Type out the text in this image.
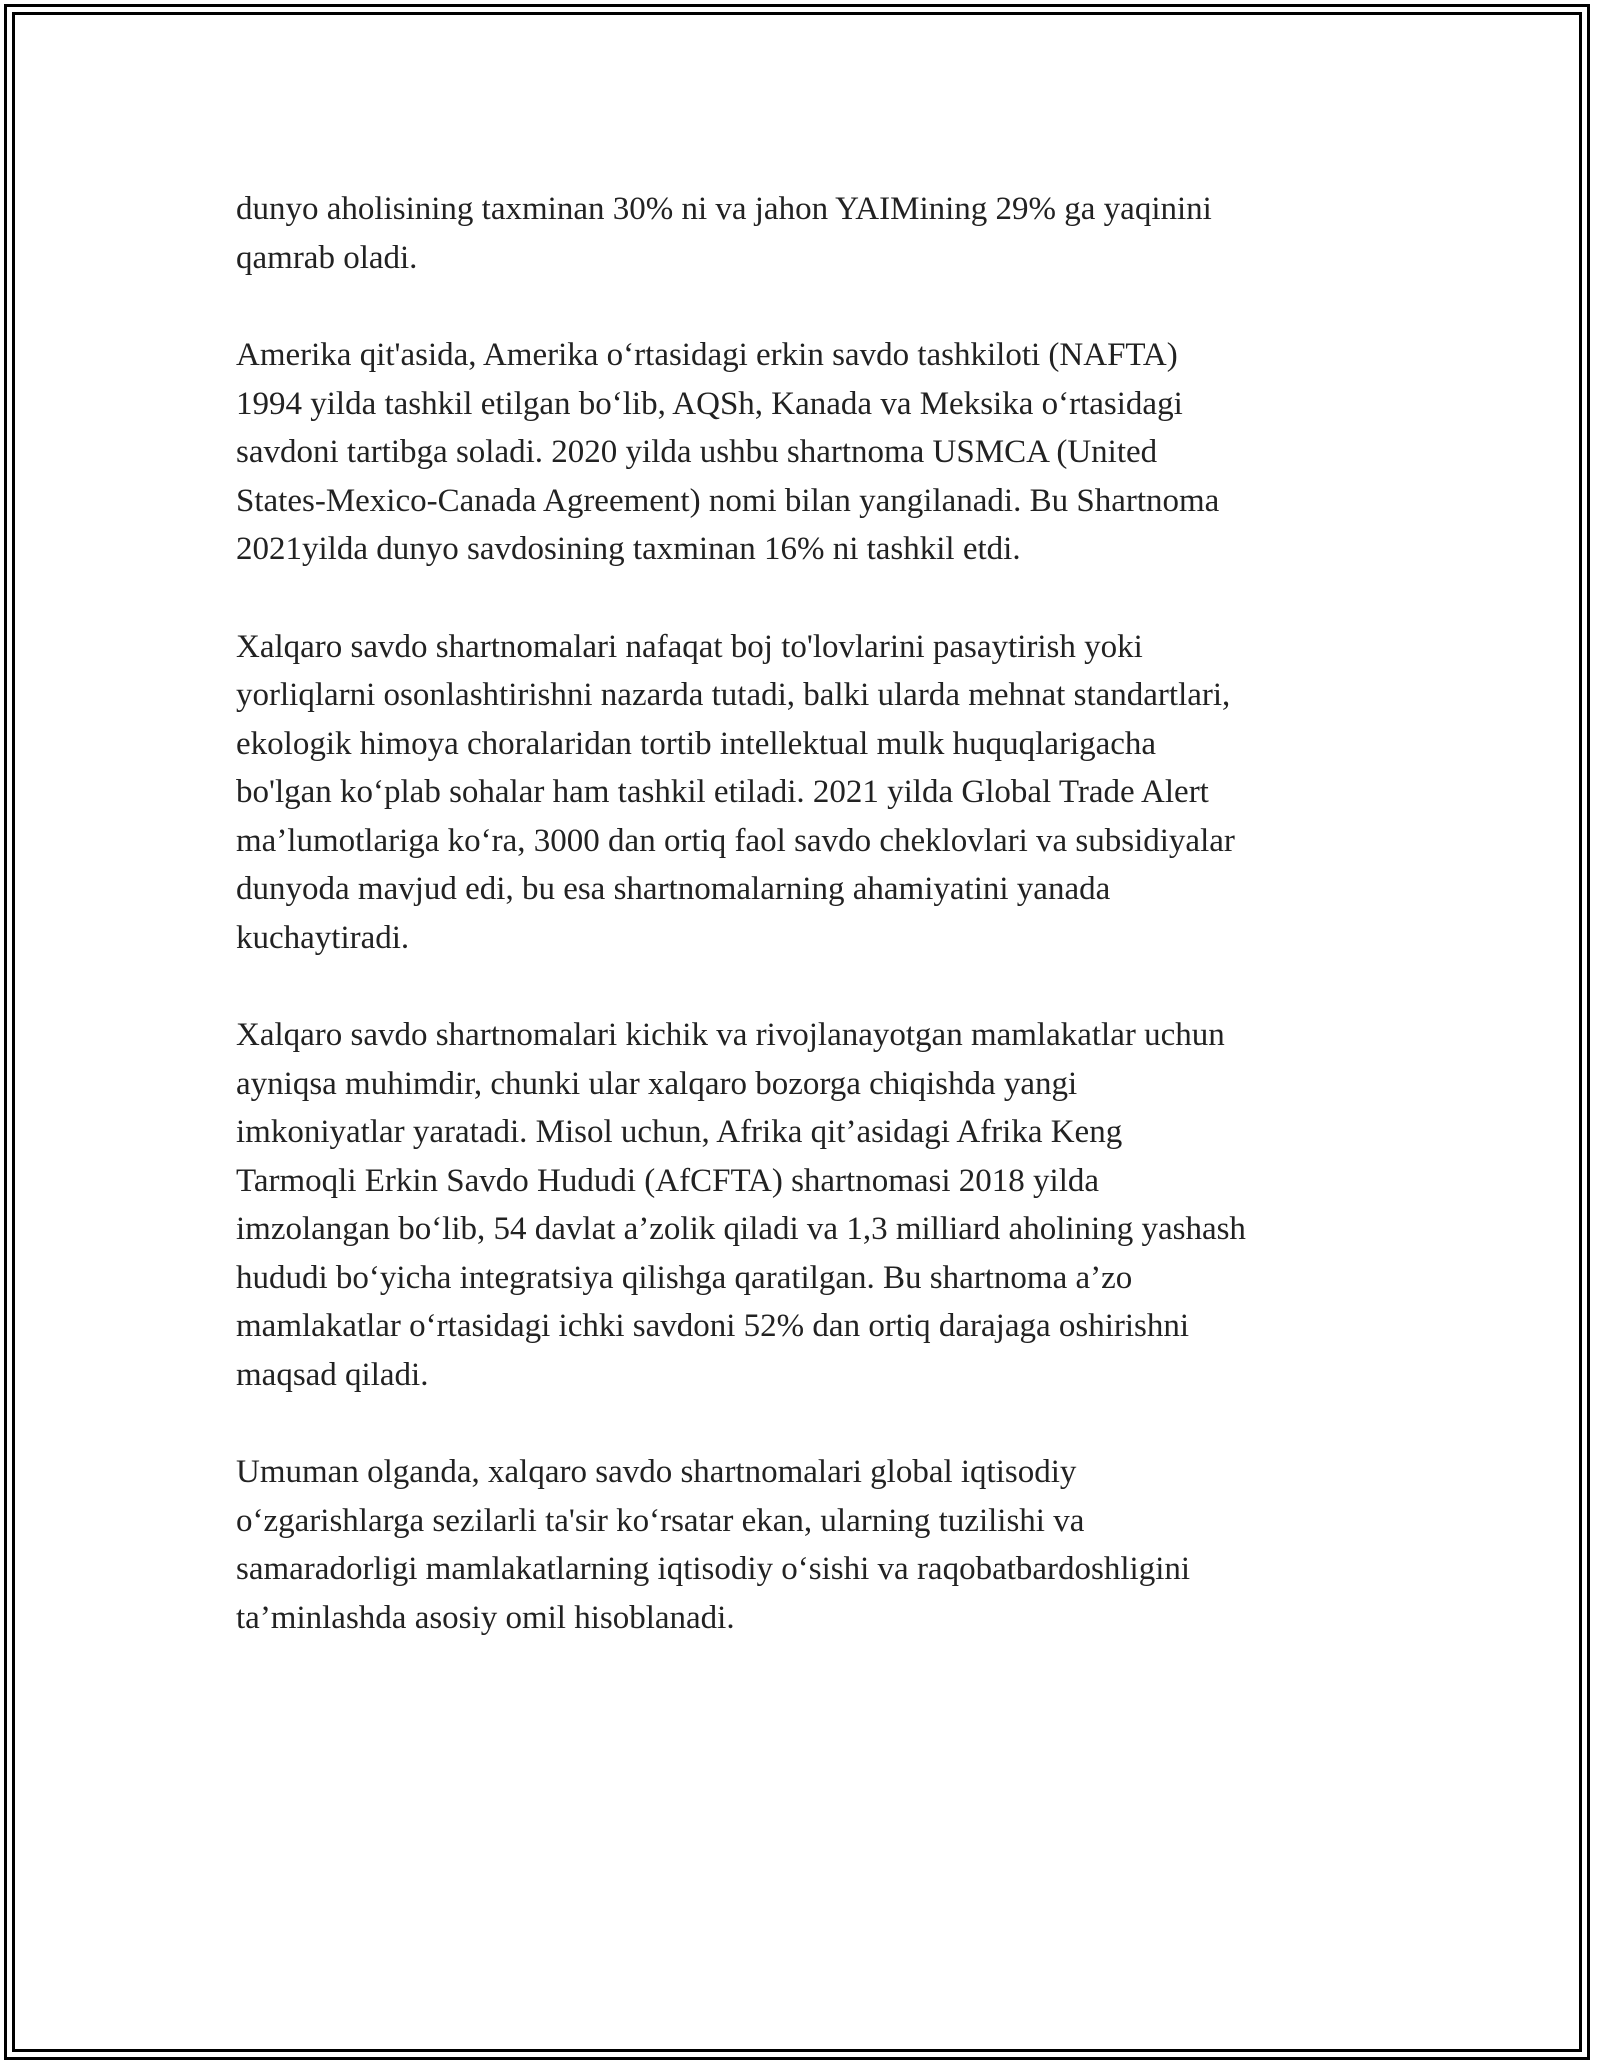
dunyo aholisining taxminan 30% ni va jahon YAIMining 29% ga yaqinini
qamrab oladi.

Amerika qit'asida, Amerika o‘rtasidagi erkin savdo tashkiloti (NAFTA)
1994 yilda tashkil etilgan bo‘lib, AQSh, Kanada va Meksika o‘rtasidagi
savdoni tartibga soladi. 2020 yilda ushbu shartnoma USMCA (United
States-Mexico-Canada Agreement) nomi bilan yangilanadi. Bu Shartnoma
2021yilda dunyo savdosining taxminan 16% ni tashkil etdi.

Xalqaro savdo shartnomalari nafaqat boj to'lovlarini pasaytirish yoki
yorliqlarni osonlashtirishni nazarda tutadi, balki ularda mehnat standartlari,
ekologik himoya choralaridan tortib intellektual mulk huquqlarigacha
bo'lgan ko‘plab sohalar ham tashkil etiladi. 2021 yilda Global Trade Alert
ma’lumotlariga ko‘ra, 3000 dan ortiq faol savdo cheklovlari va subsidiyalar
dunyoda mavjud edi, bu esa shartnomalarning ahamiyatini yanada
kuchaytiradi.

Xalqaro savdo shartnomalari kichik va rivojlanayotgan mamlakatlar uchun
ayniqsa muhimdir, chunki ular xalqaro bozorga chiqishda yangi
imkoniyatlar yaratadi. Misol uchun, Afrika qit’asidagi Afrika Keng
Tarmoqli Erkin Savdo Hududi (AfCFTA) shartnomasi 2018 yilda
imzolangan bo‘lib, 54 davlat a’zolik qiladi va 1,3 milliard aholining yashash
hududi bo‘yicha integratsiya qilishga qaratilgan. Bu shartnoma a’zo
mamlakatlar o‘rtasidagi ichki savdoni 52% dan ortiq darajaga oshirishni
maqsad qiladi.

Umuman olganda, xalqaro savdo shartnomalari global iqtisodiy
o‘zgarishlarga sezilarli ta'sir ko‘rsatar ekan, ularning tuzilishi va
samaradorligi mamlakatlarning iqtisodiy o‘sishi va raqobatbardoshligini
ta’minlashda asosiy omil hisoblanadi.
